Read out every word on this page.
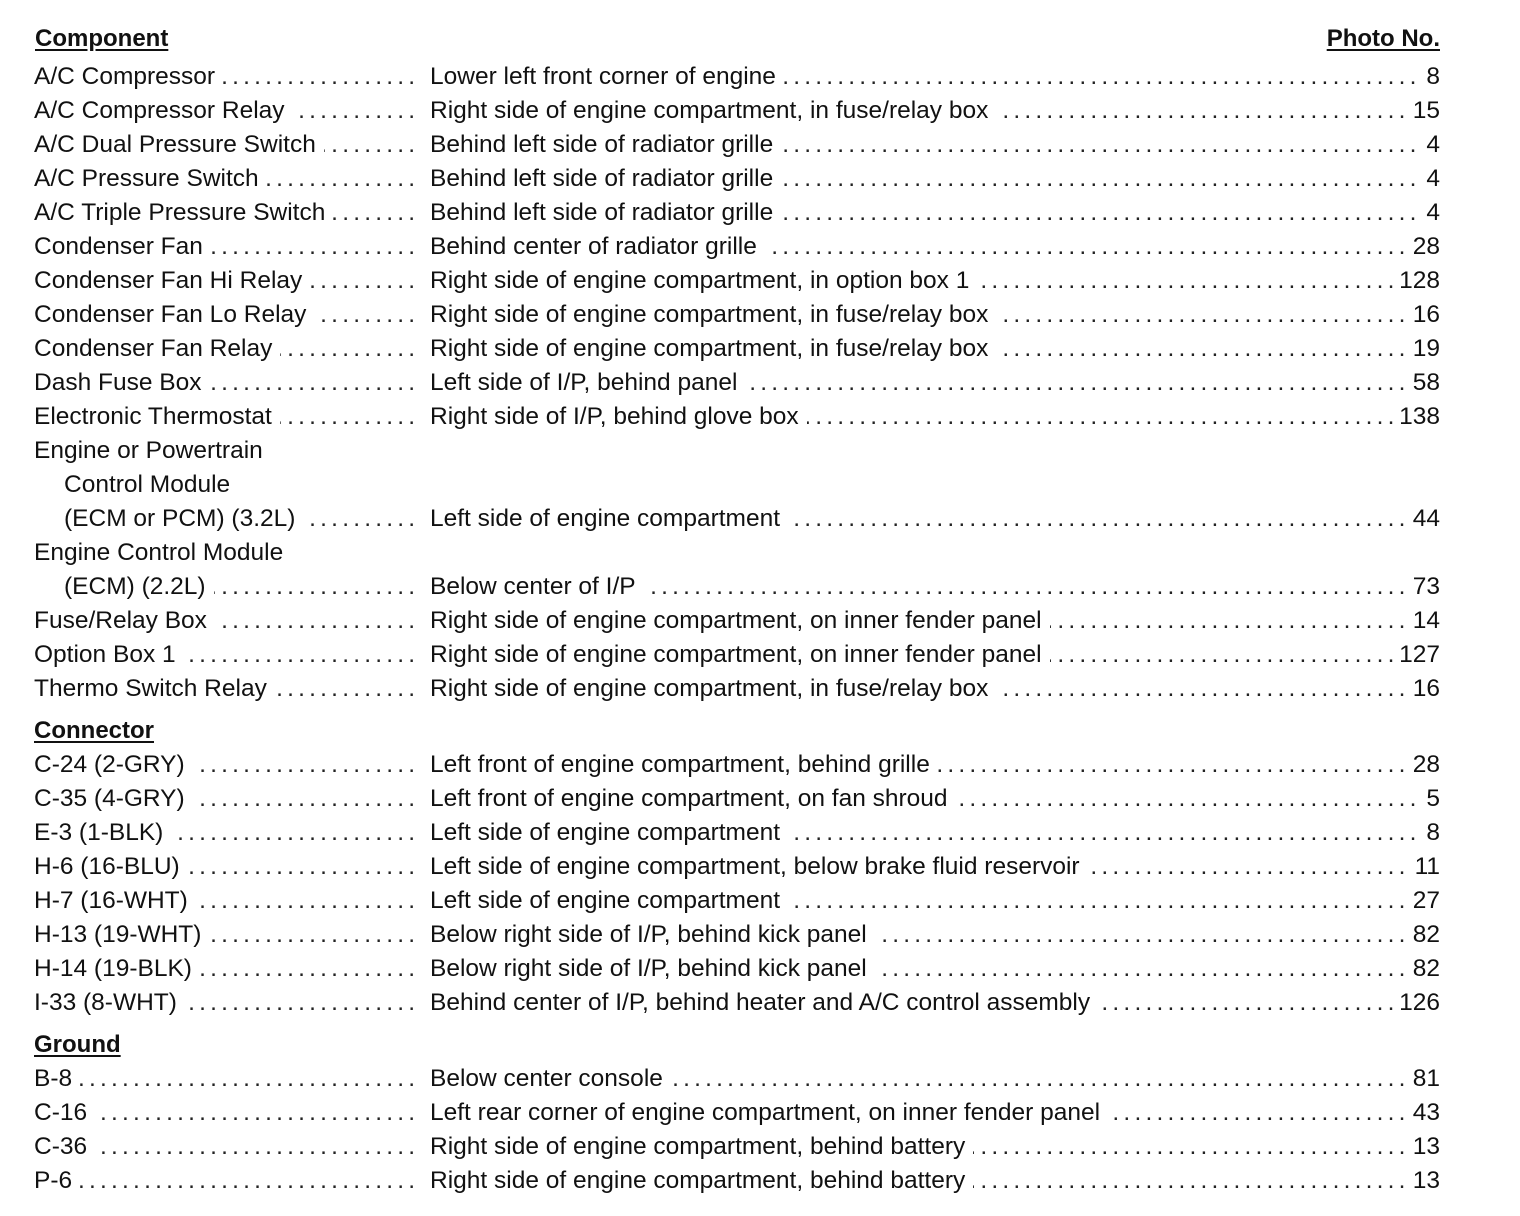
Component	Photo No.
A/C Compressor .....	Lower left front corner of engine .....	8
A/C Compressor Relay .....	Right side of engine compartment, in fuse/relay box .....	15
A/C Dual Pressure Switch .....	Behind left side of radiator grille .....	4
A/C Pressure Switch .....	Behind left side of radiator grille .....	4
A/C Triple Pressure Switch .....	Behind left side of radiator grille .....	4
Condenser Fan .....	Behind center of radiator grille .....	28
Condenser Fan Hi Relay .....	Right side of engine compartment, in option box 1 .....	128
Condenser Fan Lo Relay .....	Right side of engine compartment, in fuse/relay box .....	16
Condenser Fan Relay .....	Right side of engine compartment, in fuse/relay box .....	19
Dash Fuse Box .....	Left side of I/P, behind panel .....	58
Electronic Thermostat .....	Right side of I/P, behind glove box .....	138
Engine or Powertrain
Control Module
(ECM or PCM) (3.2L) .....	Left side of engine compartment .....	44
Engine Control Module
(ECM) (2.2L) .....	Below center of I/P .....	73
Fuse/Relay Box .....	Right side of engine compartment, on inner fender panel .....	14
Option Box 1 .....	Right side of engine compartment, on inner fender panel .....	127
Thermo Switch Relay .....	Right side of engine compartment, in fuse/relay box .....	16
Connector
C-24 (2-GRY) .....	Left front of engine compartment, behind grille .....	28
C-35 (4-GRY) .....	Left front of engine compartment, on fan shroud .....	5
E-3 (1-BLK) .....	Left side of engine compartment .....	8
H-6 (16-BLU) .....	Left side of engine compartment, below brake fluid reservoir .....	11
H-7 (16-WHT) .....	Left side of engine compartment .....	27
H-13 (19-WHT) .....	Below right side of I/P, behind kick panel .....	82
H-14 (19-BLK) .....	Below right side of I/P, behind kick panel .....	82
I-33 (8-WHT) .....	Behind center of I/P, behind heater and A/C control assembly .....	126
Ground
B-8 .....	Below center console .....	81
C-16 .....	Left rear corner of engine compartment, on inner fender panel .....	43
C-36 .....	Right side of engine compartment, behind battery .....	13
P-6 .....	Right side of engine compartment, behind battery .....	13
